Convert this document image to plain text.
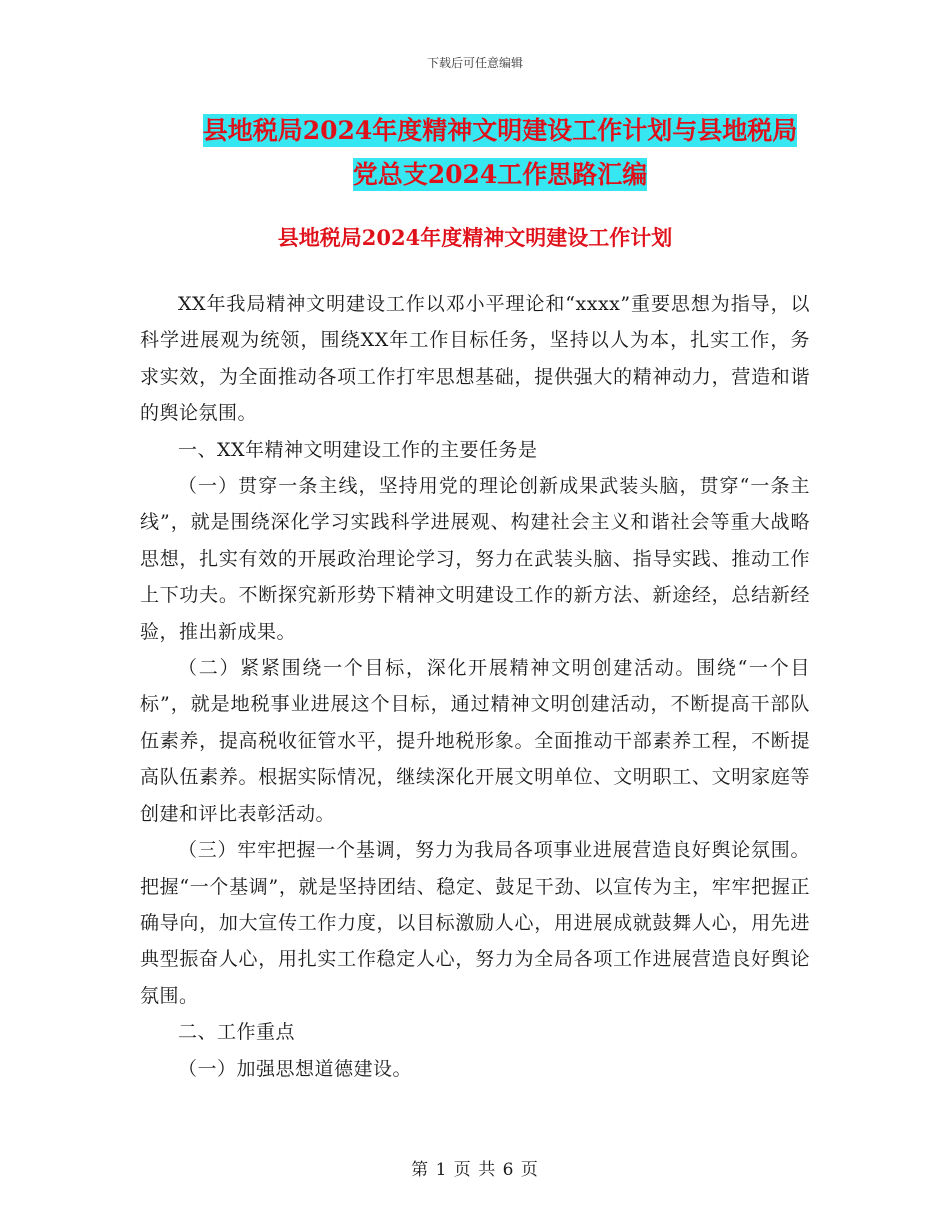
下载后可任意编辑
县地税局2024年度精神文明建设工作计划与县地税局
党总支2024工作思路汇编
县地税局2024年度精神文明建设工作计划

XX年我局精神文明建设工作以邓小平理论和“xxxx”重要思想为指导，以科学进展观为统领，围绕XX年工作目标任务，坚持以人为本，扎实工作，务求实效，为全面推动各项工作打牢思想基础，提供强大的精神动力，营造和谐的舆论氛围。

一、XX年精神文明建设工作的主要任务是

（一）贯穿一条主线，坚持用党的理论创新成果武装头脑，贯穿“一条主线”，就是围绕深化学习实践科学进展观、构建社会主义和谐社会等重大战略思想，扎实有效的开展政治理论学习，努力在武装头脑、指导实践、推动工作上下功夫。不断探究新形势下精神文明建设工作的新方法、新途经，总结新经验，推出新成果。

（二）紧紧围绕一个目标，深化开展精神文明创建活动。围绕“一个目标”，就是地税事业进展这个目标，通过精神文明创建活动，不断提高干部队伍素养，提高税收征管水平，提升地税形象。全面推动干部素养工程，不断提高队伍素养。根据实际情况，继续深化开展文明单位、文明职工、文明家庭等创建和评比表彰活动。

（三）牢牢把握一个基调，努力为我局各项事业进展营造良好舆论氛围。把握“一个基调”，就是坚持团结、稳定、鼓足干劲、以宣传为主，牢牢把握正确导向，加大宣传工作力度，以目标激励人心，用进展成就鼓舞人心，用先进典型振奋人心，用扎实工作稳定人心，努力为全局各项工作进展营造良好舆论氛围。

二、工作重点

（一）加强思想道德建设。

第 1 页 共 6 页
